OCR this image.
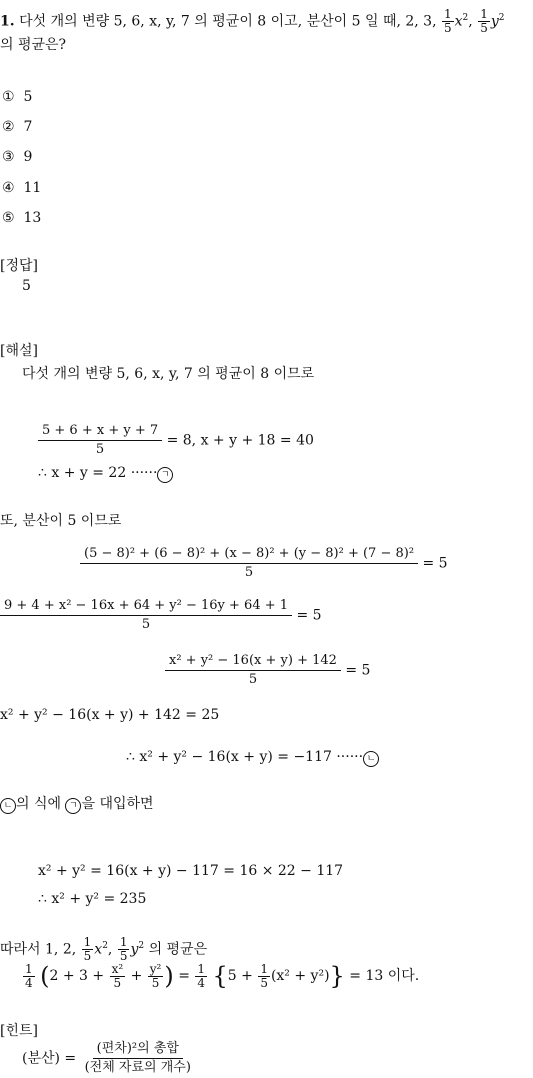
1. 다섯 개의 변량 5, 6, x, y, 7 의 평균이 8 이고, 분산이 5 일 때, 2, 3, $\frac{1}{5} x^2$, $\frac{1}{5} y^2$
의 평균은?
① 5
② 7
③ 9
④ 11
⑤ 13
[정답]
5
[해설]
다섯 개의 변량 5, 6, x, y, 7 의 평균이 8 이므로
$\frac{5 + 6 + x + y + 7}{5} = 8$, x + y + 18 = 40
∴ x + y = 22 ······ ㄱ
또, 분산이 5 이므로
$\frac{\text{(5 − 8)² + (6 − 8)² + (x − 8)² + (y − 8)² + (7 − 8)²}}{5} = 5$
$\frac{\text{9 + 4 + x² − 16x + 64 + y² − 16y + 64 + 1}}{5} = 5$
$\frac{\text{x² + y² − 16(x + y) + 142}}{5} = 5$
x² + y² − 16(x + y) + 142 = 25
∴ x² + y² − 16(x + y) = −117 ······ ㄴ
ㄴ 의 식에 ㄱ 을 대입하면
x² + y² = 16(x + y) − 117 = 16 × 22 − 117
∴ x² + y² = 235
따라서 1, 2, $\frac{1}{5} x^2$, $\frac{1}{5} y^2$ 의 평균은
$\frac{1}{4} (2 + 3 + \frac{\text{x²}}{5} + \frac{\text{y²}}{5}$ ) = $\frac{1}{4} \{5 + \frac{1}{5} (x^2 + y^2)\} = 13$ 이다.
[힌트]
(분산) = $\frac{\text{(편차)²의 총합}}{\text{(전체 자료의 개수)}}$
